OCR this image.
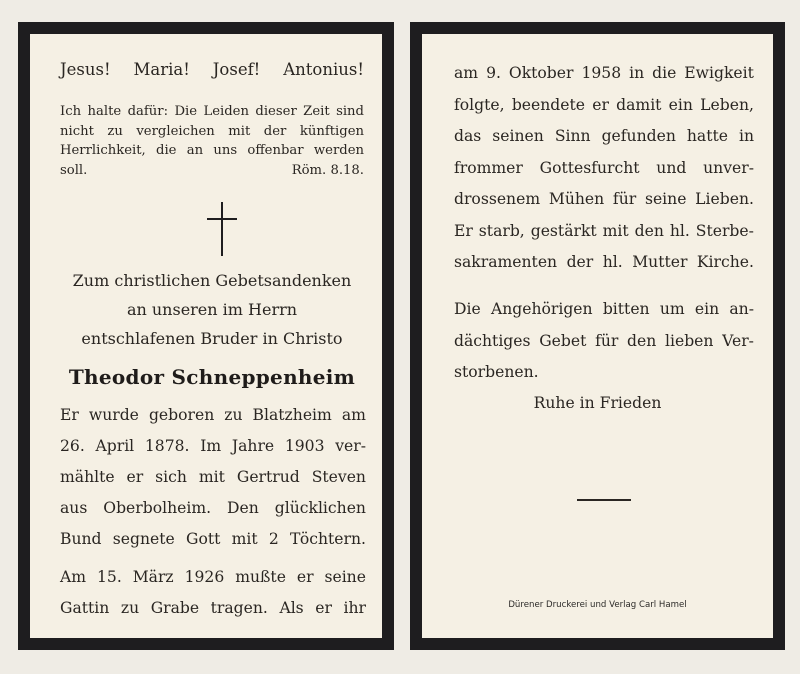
Jesus! Maria! Josef! Antonius!
Ich halte dafür: Die Leiden dieser Zeit sind
nicht zu vergleichen mit der künftigen
Herrlichkeit, die an uns offenbar werden
soll.	Röm. 8.18.
Zum christlichen Gebetsandenken
an unseren im Herrn
entschlafenen Bruder in Christo
Theodor Schneppenheim
Er wurde geboren zu Blatzheim am
26. April 1878. Im Jahre 1903 ver-
mählte er sich mit Gertrud Steven
aus Oberbolheim. Den glücklichen
Bund segnete Gott mit 2 Töchtern.
Am 15. März 1926 mußte er seine
Gattin zu Grabe tragen. Als er ihr
am 9. Oktober 1958 in die Ewigkeit
folgte, beendete er damit ein Leben,
das seinen Sinn gefunden hatte in
frommer Gottesfurcht und unver-
drossenem Mühen für seine Lieben.
Er starb, gestärkt mit den hl. Sterbe-
sakramenten der hl. Mutter Kirche.
Die Angehörigen bitten um ein an-
dächtiges Gebet für den lieben Ver-
storbenen.
Ruhe in Frieden
Dürener Druckerei und Verlag Carl Hamel
